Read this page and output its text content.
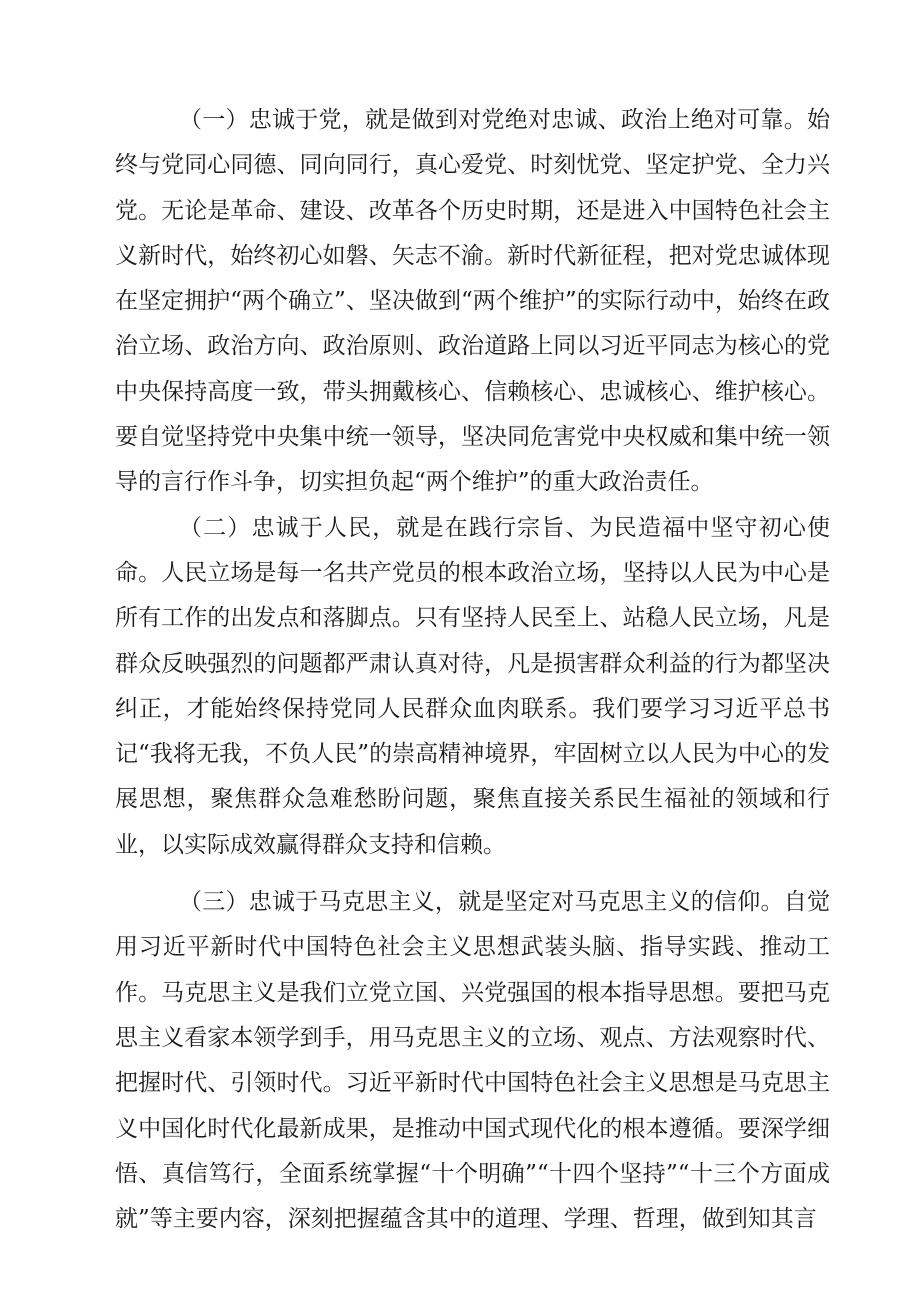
（一）忠诚于党，就是做到对党绝对忠诚、政治上绝对可靠。始终与党同心同德、同向同行，真心爱党、时刻忧党、坚定护党、全力兴党。无论是革命、建设、改革各个历史时期，还是进入中国特色社会主义新时代，始终初心如磐、矢志不渝。新时代新征程，把对党忠诚体现在坚定拥护“两个确立”、坚决做到“两个维护”的实际行动中，始终在政治立场、政治方向、政治原则、政治道路上同以习近平同志为核心的党中央保持高度一致，带头拥戴核心、信赖核心、忠诚核心、维护核心。要自觉坚持党中央集中统一领导，坚决同危害党中央权威和集中统一领导的言行作斗争，切实担负起“两个维护”的重大政治责任。

（二）忠诚于人民，就是在践行宗旨、为民造福中坚守初心使命。人民立场是每一名共产党员的根本政治立场，坚持以人民为中心是所有工作的出发点和落脚点。只有坚持人民至上、站稳人民立场，凡是群众反映强烈的问题都严肃认真对待，凡是损害群众利益的行为都坚决纠正，才能始终保持党同人民群众血肉联系。我们要学习习近平总书记“我将无我，不负人民”的崇高精神境界，牢固树立以人民为中心的发展思想，聚焦群众急难愁盼问题，聚焦直接关系民生福祉的领域和行业，以实际成效赢得群众支持和信赖。

（三）忠诚于马克思主义，就是坚定对马克思主义的信仰。自觉用习近平新时代中国特色社会主义思想武装头脑、指导实践、推动工作。马克思主义是我们立党立国、兴党强国的根本指导思想。要把马克思主义看家本领学到手，用马克思主义的立场、观点、方法观察时代、把握时代、引领时代。习近平新时代中国特色社会主义思想是马克思主义中国化时代化最新成果，是推动中国式现代化的根本遵循。要深学细悟、真信笃行，全面系统掌握“十个明确”“十四个坚持”“十三个方面成就”等主要内容，深刻把握蕴含其中的道理、学理、哲理，做到知其言
